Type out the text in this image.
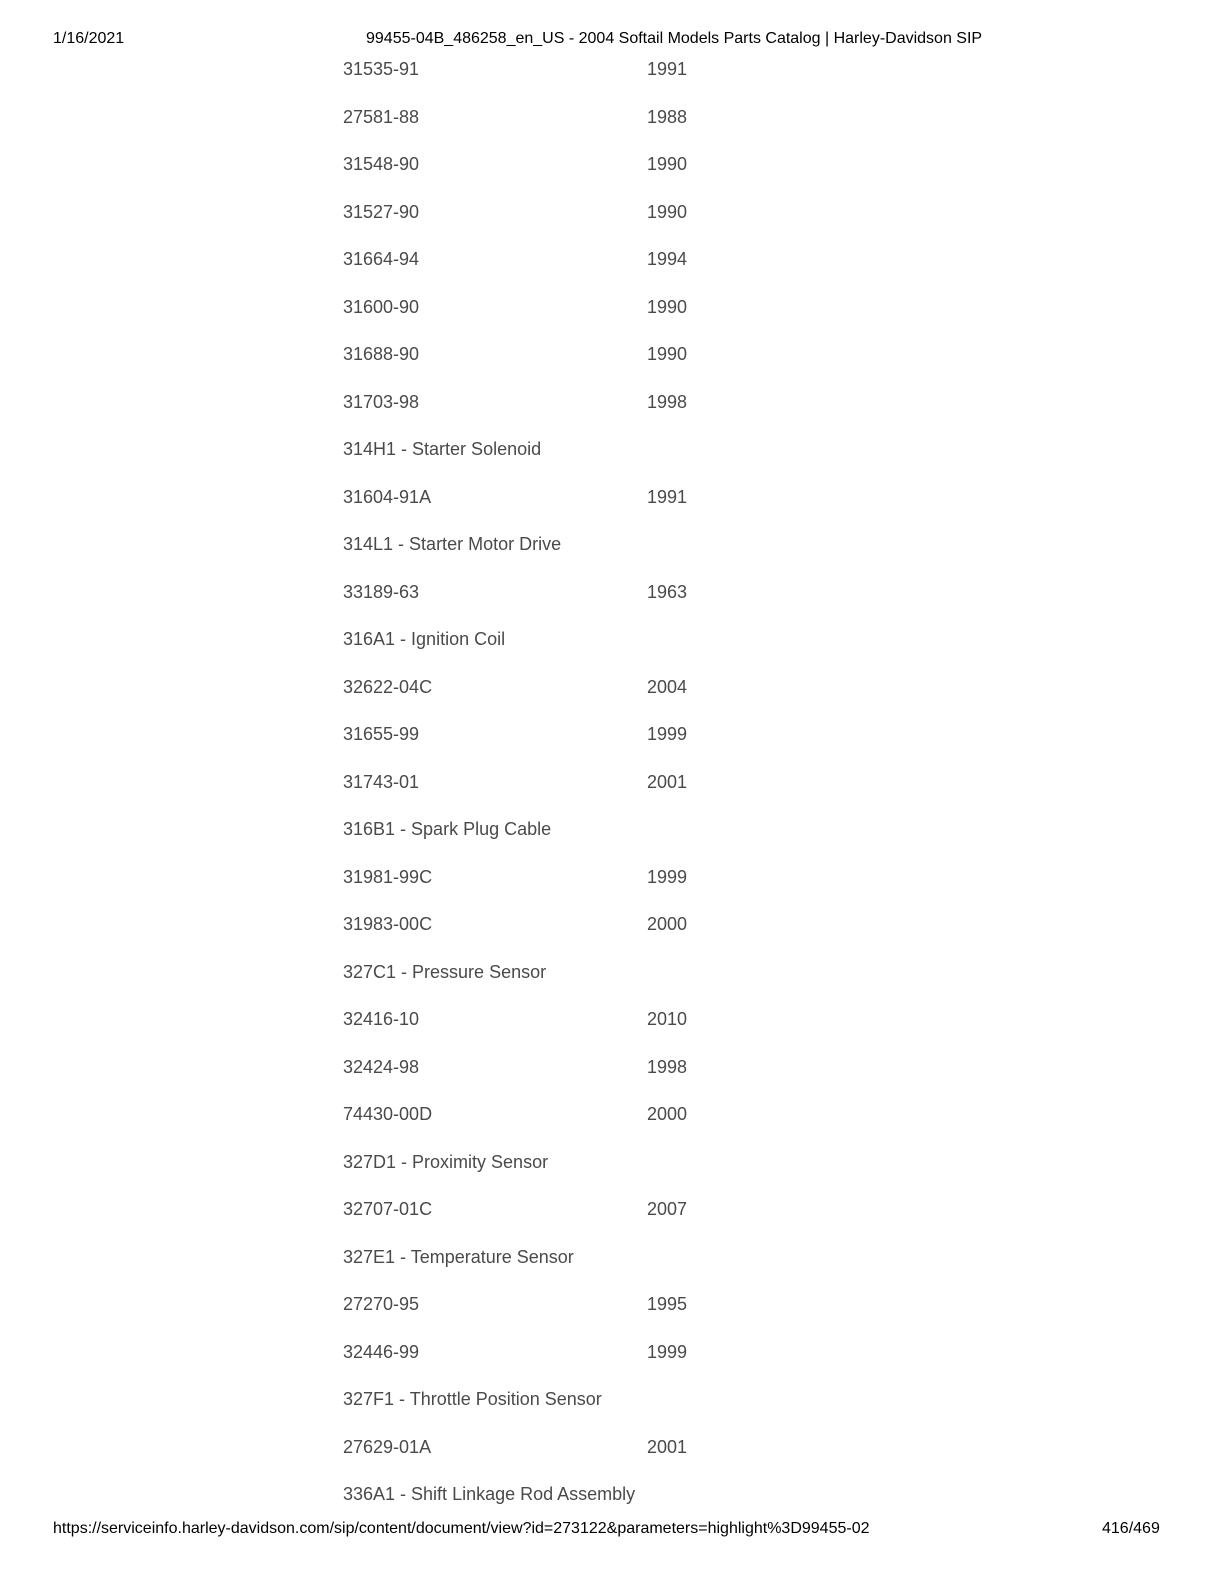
1/16/2021	99455-04B_486258_en_US - 2004 Softail Models Parts Catalog | Harley-Davidson SIP
31535-91	1991
27581-88	1988
31548-90	1990
31527-90	1990
31664-94	1994
31600-90	1990
31688-90	1990
31703-98	1998
314H1 - Starter Solenoid
31604-91A	1991
314L1 - Starter Motor Drive
33189-63	1963
316A1 - Ignition Coil
32622-04C	2004
31655-99	1999
31743-01	2001
316B1 - Spark Plug Cable
31981-99C	1999
31983-00C	2000
327C1 - Pressure Sensor
32416-10	2010
32424-98	1998
74430-00D	2000
327D1 - Proximity Sensor
32707-01C	2007
327E1 - Temperature Sensor
27270-95	1995
32446-99	1999
327F1 - Throttle Position Sensor
27629-01A	2001
336A1 - Shift Linkage Rod Assembly
https://serviceinfo.harley-davidson.com/sip/content/document/view?id=273122&parameters=highlight%3D99455-02	416/469
